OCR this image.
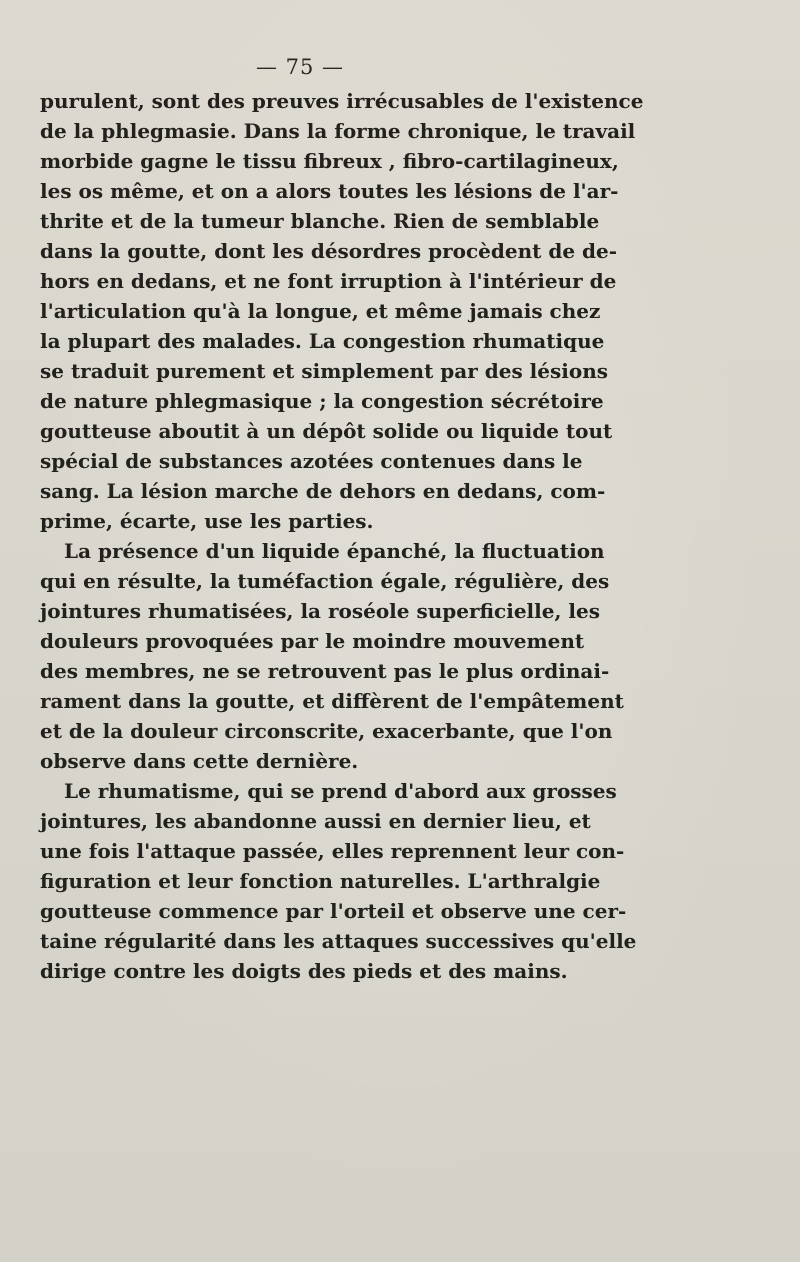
— 75 —
purulent, sont des preuves irrécusables de l'existence
de la phlegmasie. Dans la forme chronique, le travail
morbide gagne le tissu fibreux , fibro-cartilagineux,
les os même, et on a alors toutes les lésions de l'ar-
thrite et de la tumeur blanche. Rien de semblable
dans la goutte, dont les désordres procèdent de de-
hors en dedans, et ne font irruption à l'intérieur de
l'articulation qu'à la longue, et même jamais chez
la plupart des malades. La congestion rhumatique
se traduit purement et simplement par des lésions
de nature phlegmasique ; la congestion sécrétoire
goutteuse aboutit à un dépôt solide ou liquide tout
spécial de substances azotées contenues dans le
sang. La lésion marche de dehors en dedans, com-
prime, écarte, use les parties.
La présence d'un liquide épanché, la fluctuation
qui en résulte, la tuméfaction égale, régulière, des
jointures rhumatisées, la roséole superficielle, les
douleurs provoquées par le moindre mouvement
des membres, ne se retrouvent pas le plus ordinai-
rament dans la goutte, et diffèrent de l'empâtement
et de la douleur circonscrite, exacerbante, que l'on
observe dans cette dernière.
Le rhumatisme, qui se prend d'abord aux grosses
jointures, les abandonne aussi en dernier lieu, et
une fois l'attaque passée, elles reprennent leur con-
figuration et leur fonction naturelles. L'arthralgie
goutteuse commence par l'orteil et observe une cer-
taine régularité dans les attaques successives qu'elle
dirige contre les doigts des pieds et des mains.
